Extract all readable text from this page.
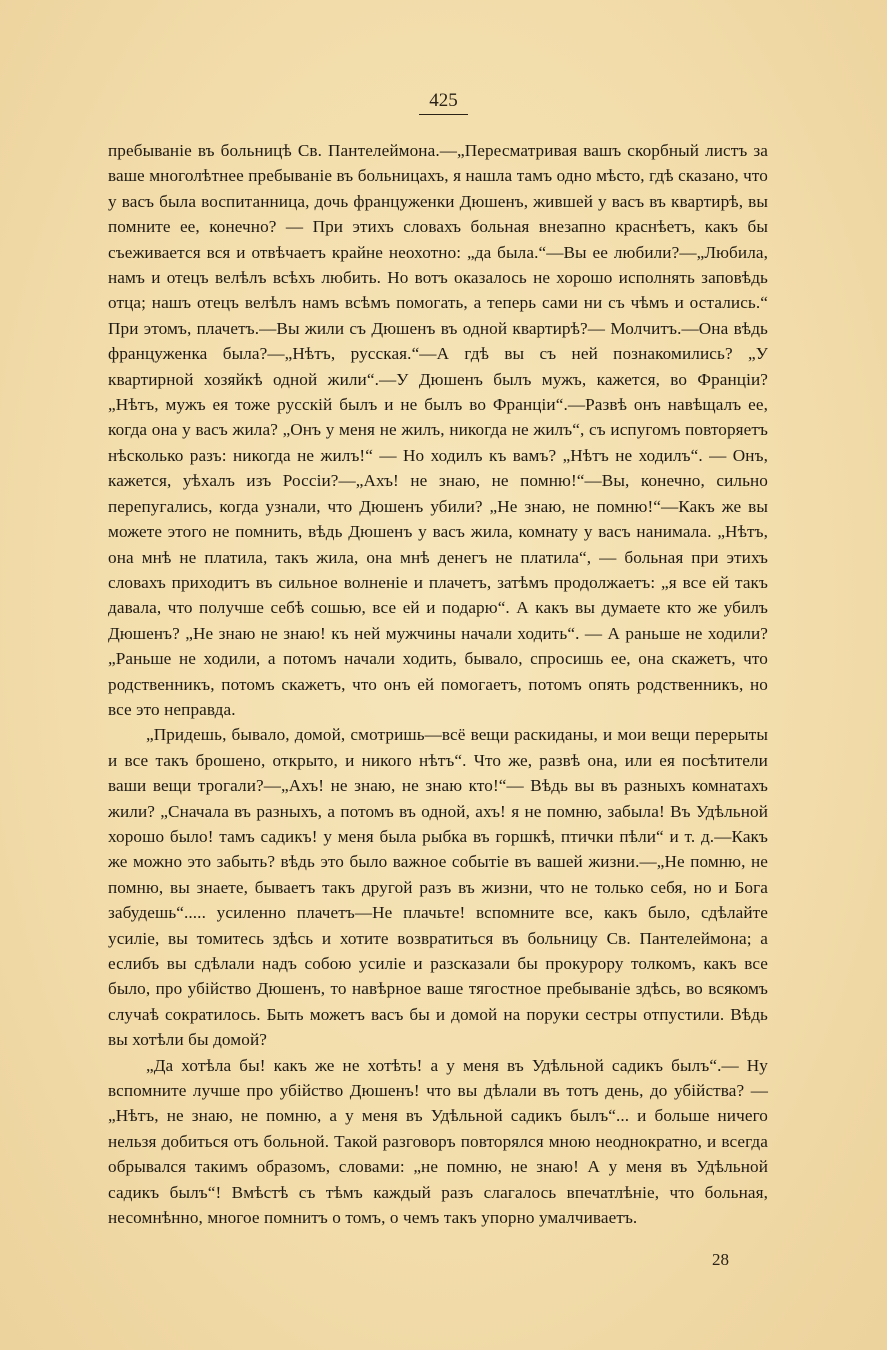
425

пребываніе въ больницѣ Св. Пантелеймона.—„Пересматривая вашъ скорбный листъ за ваше многолѣтнее пребываніе въ больницахъ, я нашла тамъ одно мѣсто, гдѣ сказано, что у васъ была воспитанница, дочь француженки Дюшенъ, жившей у васъ въ квартирѣ, вы помните ее, конечно? — При этихъ словахъ больная внезапно краснѣетъ, какъ бы съеживается вся и отвѣчаетъ крайне неохотно: „да была.“—Вы ее любили?—„Любила, намъ и отецъ велѣлъ всѣхъ любить. Но вотъ оказалось не хорошо исполнять заповѣдь отца; нашъ отецъ велѣлъ намъ всѣмъ помогать, а теперь сами ни съ чѣмъ и остались.“ При этомъ, плачетъ.—Вы жили съ Дюшенъ въ одной квартирѣ?— Молчитъ.—Она вѣдь француженка была?—„Нѣтъ, русская.“—А гдѣ вы съ ней познакомились? „У квартирной хозяйкѣ одной жили“.—У Дюшенъ былъ мужъ, кажется, во Франціи? „Нѣтъ, мужъ ея тоже русскій былъ и не былъ во Франціи“.—Развѣ онъ навѣщалъ ее, когда она у васъ жила? „Онъ у меня не жилъ, никогда не жилъ“, съ испугомъ повторяетъ нѣсколько разъ: никогда не жилъ!“ — Но ходилъ къ вамъ? „Нѣтъ не ходилъ“. — Онъ, кажется, уѣхалъ изъ Россіи?—„Ахъ! не знаю, не помню!“—Вы, конечно, сильно перепугались, когда узнали, что Дюшенъ убили? „Не знаю, не помню!“—Какъ же вы можете этого не помнить, вѣдь Дюшенъ у васъ жила, комнату у васъ нанимала. „Нѣтъ, она мнѣ не платила, такъ жила, она мнѣ денегъ не платила“, — больная при этихъ словахъ приходитъ въ сильное волненіе и плачетъ, затѣмъ продолжаетъ: „я все ей такъ давала, что получше себѣ сошью, все ей и подарю“. А какъ вы думаете кто же убилъ Дюшенъ? „Не знаю не знаю! къ ней мужчины начали ходить“. — А раньше не ходили? „Раньше не ходили, а потомъ начали ходить, бывало, спросишь ее, она скажетъ, что родственникъ, потомъ скажетъ, что онъ ей помогаетъ, потомъ опять родственникъ, но все это неправда.

„Придешь, бывало, домой, смотришь—всё вещи раскиданы, и мои вещи перерыты и все такъ брошено, открыто, и никого нѣтъ“. Что же, развѣ она, или ея посѣтители ваши вещи трогали?—„Ахъ! не знаю, не знаю кто!“— Вѣдь вы въ разныхъ комнатахъ жили? „Сначала въ разныхъ, а потомъ въ одной, ахъ! я не помню, забыла! Въ Удѣльной хорошо было! тамъ садикъ! у меня была рыбка въ горшкѣ, птички пѣли“ и т. д.—Какъ же можно это забыть? вѣдь это было важное событіе въ вашей жизни.—„Не помню, не помню, вы знаете, бываетъ такъ другой разъ въ жизни, что не только себя, но и Бога забудешь“..... усиленно плачетъ—Не плачьте! вспомните все, какъ было, сдѣлайте усиліе, вы томитесь здѣсь и хотите возвратиться въ больницу Св. Пантелеймона; а еслибъ вы сдѣлали надъ собою усиліе и разсказали бы прокурору толкомъ, какъ все было, про убійство Дюшенъ, то навѣрное ваше тягостное пребываніе здѣсь, во всякомъ случаѣ сократилось. Быть можетъ васъ бы и домой на поруки сестры отпустили. Вѣдь вы хотѣли бы домой?

„Да хотѣла бы! какъ же не хотѣть! а у меня въ Удѣльной садикъ былъ“.— Ну вспомните лучше про убійство Дюшенъ! что вы дѣлали въ тотъ день, до убійства? — „Нѣтъ, не знаю, не помню, а у меня въ Удѣльной садикъ былъ“... и больше ничего нельзя добиться отъ больной. Такой разговоръ повторялся мною неоднократно, и всегда обрывался такимъ образомъ, словами: „не помню, не знаю! А у меня въ Удѣльной садикъ былъ“! Вмѣстѣ съ тѣмъ каждый разъ слагалось впечатлѣніе, что больная, несомнѣнно, многое помнитъ о томъ, о чемъ такъ упорно умалчиваетъ.

28
